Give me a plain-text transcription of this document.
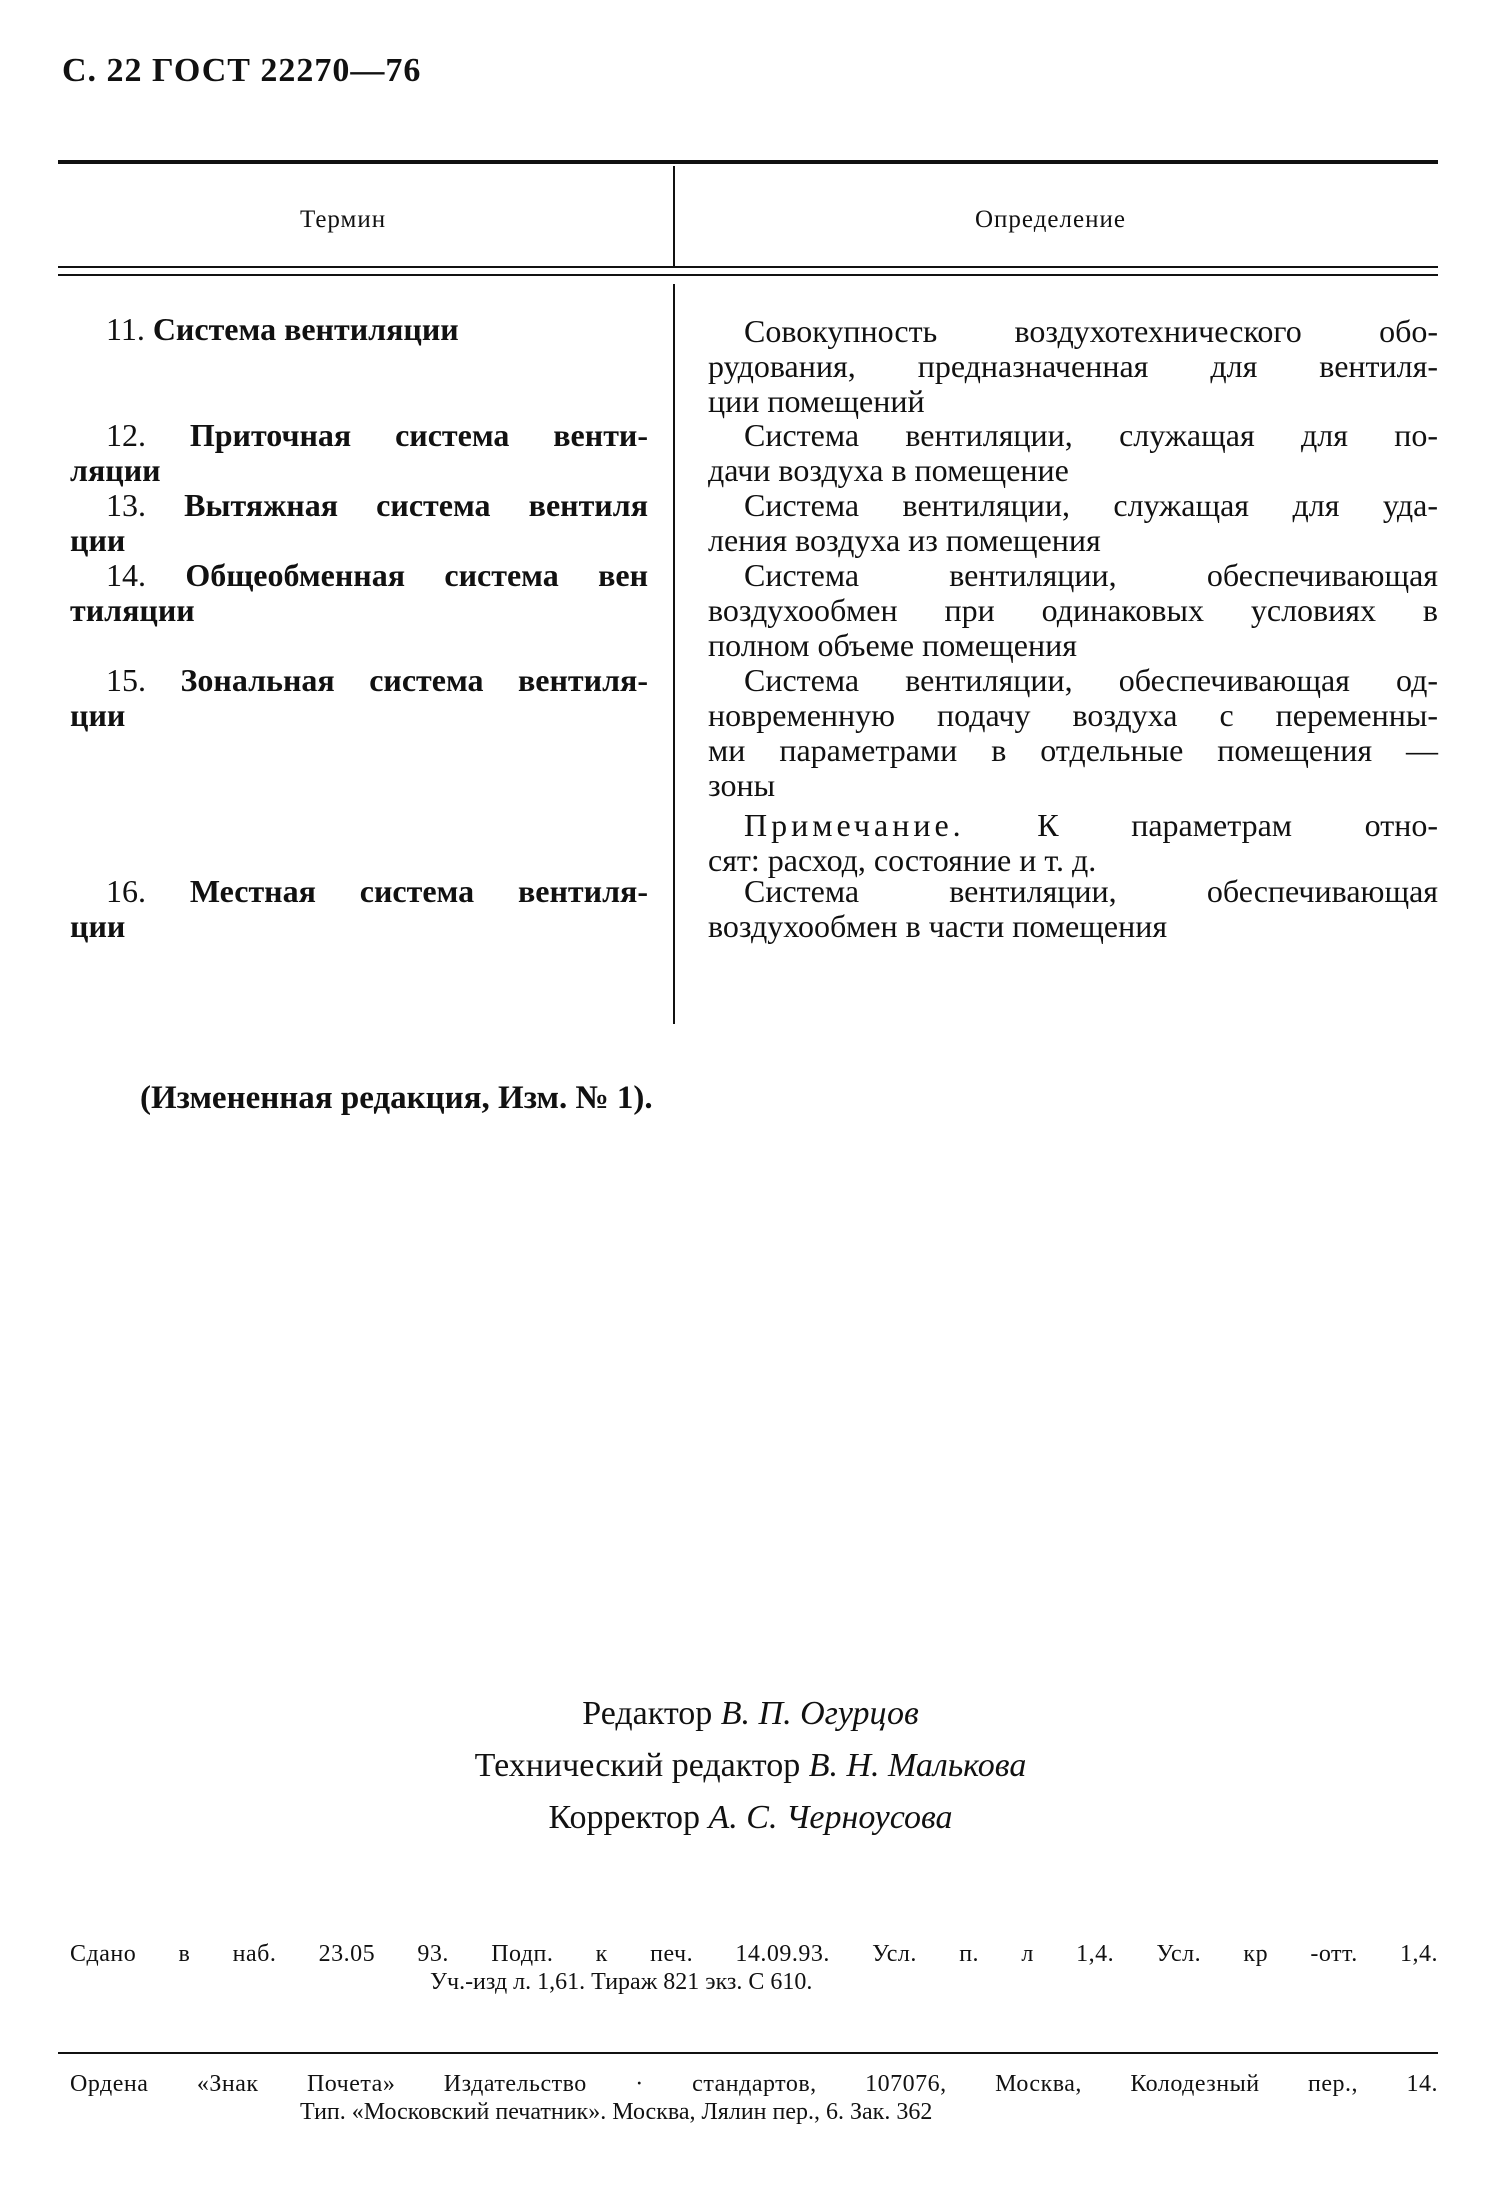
С. 22 ГОСТ 22270—76
Термин	Определение
11. Система вентиляции
12. Приточная система венти-
ляции
13. Вытяжная система вентиля
ции
14. Общеобменная система вен
тиляции
15. Зональная система вентиля-
ции
16. Местная система вентиля-
ции
Совокупность воздухотехнического обо-
рудования, предназначенная для вентиля-
ции помещений
Система вентиляции, служащая для по-
дачи воздуха в помещение
Система вентиляции, служащая для уда-
ления воздуха из помещения
Система вентиляции, обеспечивающая
воздухообмен при одинаковых условиях в
полном объеме помещения
Система вентиляции, обеспечивающая од-
новременную подачу воздуха с переменны-
ми параметрами в отдельные помещения —
зоны
Примечание. К параметрам отно-
сят: расход, состояние и т. д.
Система вентиляции, обеспечивающая
воздухообмен в части помещения
(Измененная редакция, Изм. № 1).
Редактор В. П. Огурцов
Технический редактор В. Н. Малькова
Корректор А. С. Черноусова
Сдано в наб. 23.05 93. Подп. к печ. 14.09.93. Усл. п. л 1,4. Усл. кр -отт. 1,4.
Уч.-изд л. 1,61. Тираж 821 экз. С 610.
Ордена «Знак Почета» Издательство · стандартов, 107076, Москва, Колодезный пер., 14.
Тип. «Московский печатник». Москва, Лялин пер., 6. Зак. 362
